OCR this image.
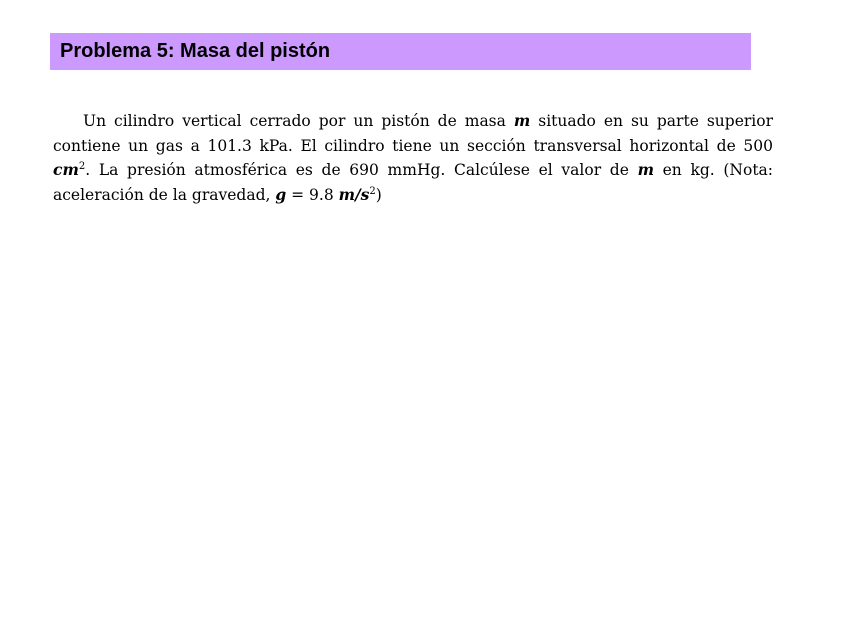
Problema 5: Masa del pistón

Un cilindro vertical cerrado por un pistón de masa m situado en su parte superior contiene un gas a 101.3 kPa. El cilindro tiene un sección transversal horizontal de 500 $cm^2$. La presión atmosférica es de 690 mmHg. Calcúlese el valor de m en kg. (Nota: aceleración de la gravedad, g = 9.8 $m/s^2$)
